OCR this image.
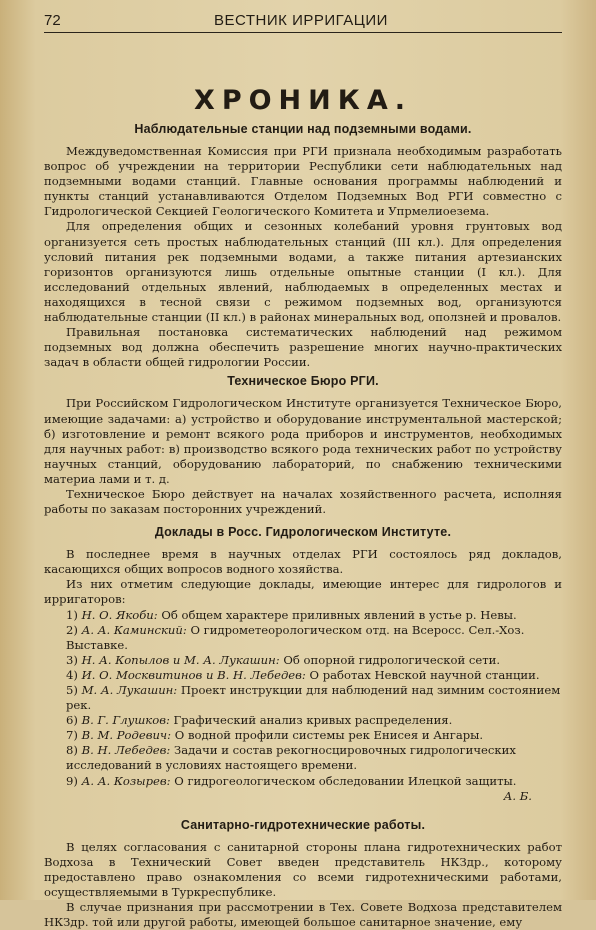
72	ВЕСТНИК ИРРИГАЦИИ
ХРОНИКА.
Наблюдательные станции над подземными водами.

Междуведомственная Комиссия при РГИ признала необходимым разработать вопрос об учреждении на территории Республики сети наблюдательных над подземными водами станций. Главные основания программы наблюдений и пункты станций устанавливаются Отделом Подземных Вод РГИ совместно с Гидрологической Секцией Геологического Комитета и Упрмелиоезема.

Для определения общих и сезонных колебаний уровня грунтовых вод организуется сеть простых наблюдательных станций (III кл.). Для определения условий питания рек подземными водами, а также питания артезианских горизонтов организуются лишь отдельные опытные станции (I кл.). Для исследований отдельных явлений, наблюдаемых в определенных местах и находящихся в тесной связи с режимом подземных вод, организуются наблюдательные станции (II кл.) в районах минеральных вод, оползней и провалов.

Правильная постановка систематических наблюдений над режимом подземных вод должна обеспечить разрешение многих научно-практических задач в области общей гидрологии России.

Техническое Бюро РГИ.

При Российском Гидрологическом Институте организуется Техническое Бюро, имеющие задачами: а) устройство и оборудование инструментальной мастерской; б) изготовление и ремонт всякого рода приборов и инструментов, необходимых для научных работ: в) производство всякого рода технических работ по устройству научных станций, оборудованию лабораторий, по снабжению техническими материа лами и т. д.

Техническое Бюро действует на началах хозяйственного расчета, исполняя работы по заказам посторонних учреждений.

Доклады в Росс. Гидрологическом Институте.

В последнее время в научных отделах РГИ состоялось ряд докладов, касающихся общих вопросов водного хозяйства.

Из них отметим следующие доклады, имеющие интерес для гидрологов и ирригаторов:

1) Н. О. Якоби: Об общем характере приливных явлений в устье р. Невы.
2) А. А. Каминский: О гидрометеорологическом отд. на Всеросс. Сел.-Хоз. Выставке.
3) Н. А. Копылов и М. А. Лукашин: Об опорной гидрологической сети.
4) И. О. Москвитинов и В. Н. Лебедев: О работах Невской научной станции.
5) М. А. Лукашин: Проект инструкции для наблюдений над зимним состоянием рек.
6) В. Г. Глушков: Графический анализ кривых распределения.
7) В. М. Родевич: О водной профили системы рек Енисея и Ангары.
8) В. Н. Лебедев: Задачи и состав рекогносцировочных гидрологических исследований в условиях настоящего времени.
9) А. А. Козырев: О гидрогеологическом обследовании Илецкой защиты.
А. Б.
Санитарно-гидротехнические работы.

В целях согласования с санитарной стороны плана гидротехнических работ Водхоза в Технический Совет введен представитель НКЗдр., которому предоставлено право ознакомления со всеми гидротехническими работами, осуществляемыми в Туркреспублике.

В случае признания при рассмотрении в Тех. Совете Водхоза представителем НКЗдр. той или другой работы, имеющей большое санитарное значение, ему
